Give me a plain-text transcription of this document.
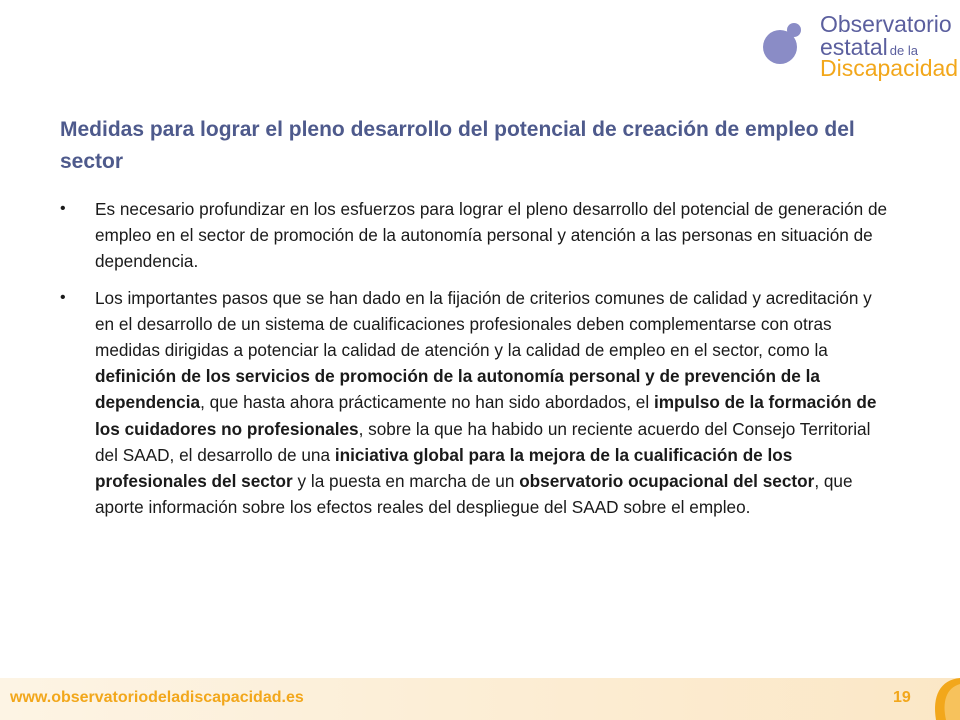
Observatorio
estatal de la
Discapacidad
Medidas para lograr el pleno desarrollo del potencial de creación de empleo del sector
• Es necesario profundizar en los esfuerzos para lograr el pleno desarrollo del potencial de generación de empleo en el sector de promoción de la autonomía personal y atención a las personas en situación de dependencia.
• Los importantes pasos que se han dado en la fijación de criterios comunes de calidad y acreditación y en el desarrollo de un sistema de cualificaciones profesionales deben complementarse con otras medidas dirigidas a potenciar la calidad de atención y la calidad de empleo en el sector, como la definición de los servicios de promoción de la autonomía personal y de prevención de la dependencia, que hasta ahora prácticamente no han sido abordados, el impulso de la formación de los cuidadores no profesionales, sobre la que ha habido un reciente acuerdo del Consejo Territorial del SAAD, el desarrollo de una iniciativa global para la mejora de la cualificación de los profesionales del sector y la puesta en marcha de un observatorio ocupacional del sector, que aporte información sobre los efectos reales del despliegue del SAAD sobre el empleo.
www.observatoriodeladiscapacidad.es	19
